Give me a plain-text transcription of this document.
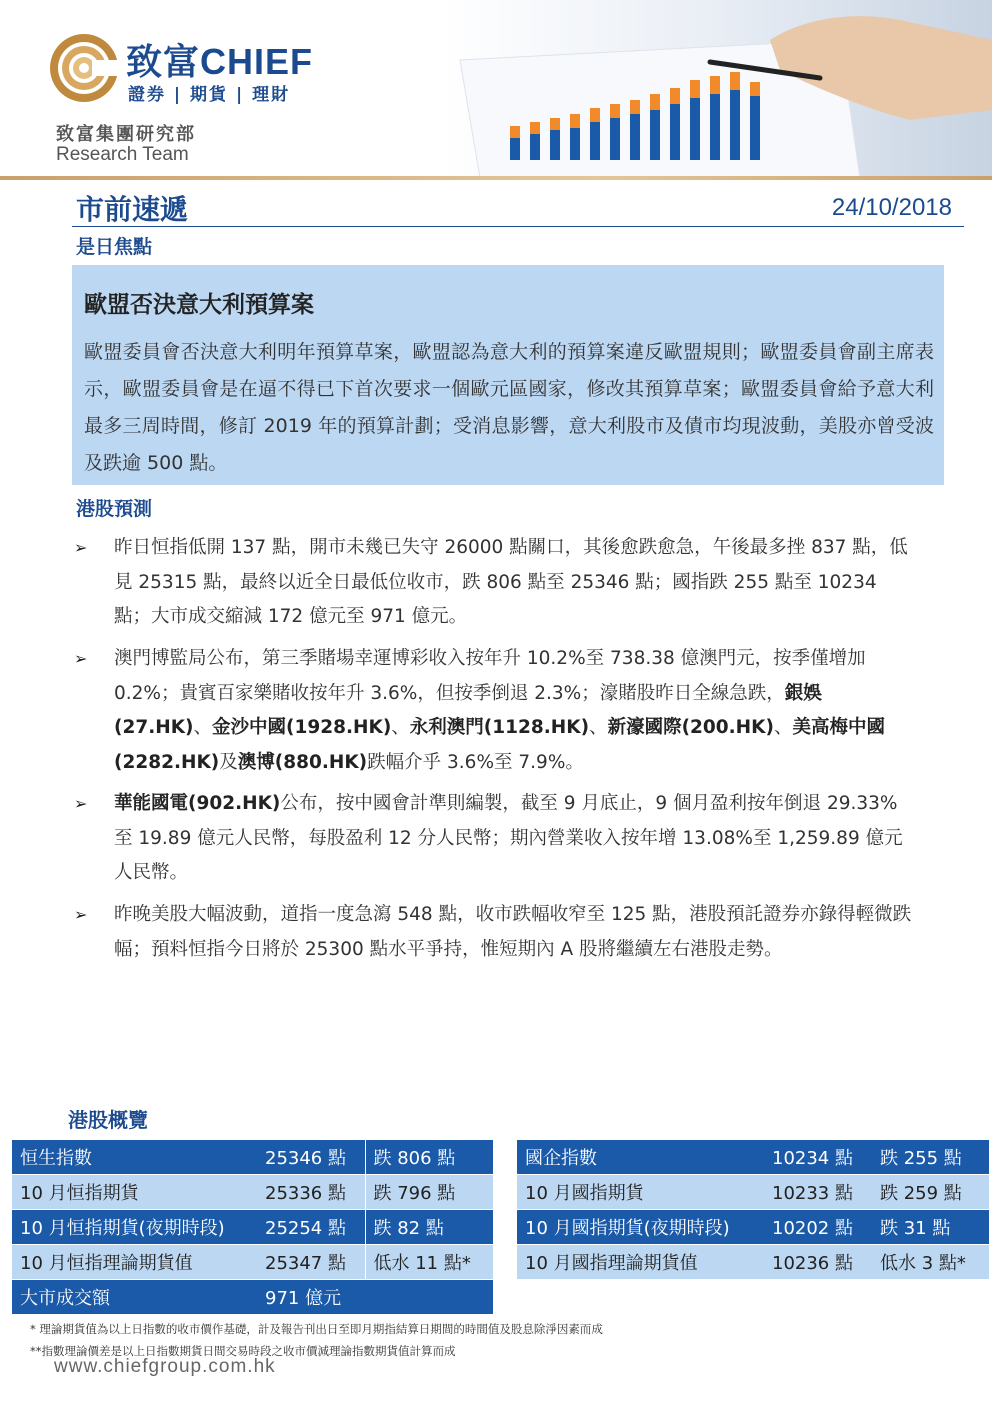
致富CHIEF
證券 | 期貨 | 理財
致富集團研究部
Research Team
市前速遞	24/10/2018
是日焦點
歐盟否決意大利預算案
歐盟委員會否決意大利明年預算草案，歐盟認為意大利的預算案違反歐盟規則；歐盟委員會副主席表示，歐盟委員會是在逼不得已下首次要求一個歐元區國家，修改其預算草案；歐盟委員會給予意大利最多三周時間，修訂 2019 年的預算計劃；受消息影響，意大利股市及債市均現波動，美股亦曾受波及跌逾 500 點。
港股預測
➢	昨日恒指低開 137 點，開市未幾已失守 26000 點關口，其後愈跌愈急，午後最多挫 837 點，低見 25315 點，最終以近全日最低位收市，跌 806 點至 25346 點；國指跌 255 點至 10234 點；大市成交縮減 172 億元至 971 億元。
➢	澳門博監局公布，第三季賭場幸運博彩收入按年升 10.2%至 738.38 億澳門元，按季僅增加 0.2%；貴賓百家樂賭收按年升 3.6%，但按季倒退 2.3%；濠賭股昨日全線急跌，銀娛(27.HK)、金沙中國(1928.HK)、永利澳門(1128.HK)、新濠國際(200.HK)、美高梅中國(2282.HK)及澳博(880.HK)跌幅介乎 3.6%至 7.9%。
➢	華能國電(902.HK)公布，按中國會計準則編製，截至 9 月底止，9 個月盈利按年倒退 29.33%至 19.89 億元人民幣，每股盈利 12 分人民幣；期內營業收入按年增 13.08%至 1,259.89 億元人民幣。
➢	昨晚美股大幅波動，道指一度急瀉 548 點，收市跌幅收窄至 125 點，港股預託證券亦錄得輕微跌幅；預料恒指今日將於 25300 點水平爭持，惟短期內 A 股將繼續左右港股走勢。
港股概覽
恒生指數	25346 點	跌 806 點
10 月恒指期貨	25336 點	跌 796 點
10 月恒指期貨(夜期時段)	25254 點	跌 82 點
10 月恒指理論期貨值	25347 點	低水 11 點*
大市成交額	971 億元	
國企指數	10234 點	跌 255 點
10 月國指期貨	10233 點	跌 259 點
10 月國指期貨(夜期時段)	10202 點	跌 31 點
10 月國指理論期貨值	10236 點	低水 3 點*
* 理論期貨值為以上日指數的收市價作基礎，計及報告刊出日至即月期指結算日期間的時間值及股息除淨因素而成
**指數理論價差是以上日指數期貨日間交易時段之收市價減理論指數期貨值計算而成
www.chiefgroup.com.hk
